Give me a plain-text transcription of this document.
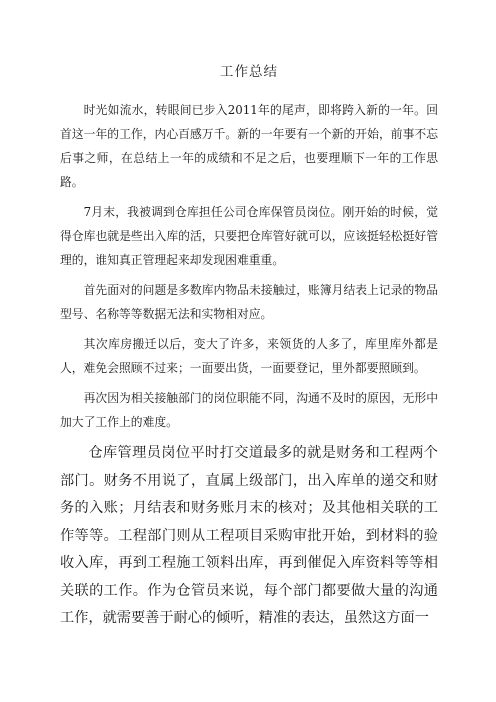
工作总结

时光如流水，转眼间已步入2011年的尾声，即将跨入新的一年。回首这一年的工作，内心百感万千。新的一年要有一个新的开始，前事不忘后事之师，在总结上一年的成绩和不足之后，也要理顺下一年的工作思路。

7月末，我被调到仓库担任公司仓库保管员岗位。刚开始的时候，觉得仓库也就是些出入库的活，只要把仓库管好就可以，应该挺轻松挺好管理的，谁知真正管理起来却发现困难重重。

首先面对的问题是多数库内物品未接触过，账簿月结表上记录的物品型号、名称等等数据无法和实物相对应。

其次库房搬迁以后，变大了许多，来领货的人多了，库里库外都是人，难免会照顾不过来；一面要出货，一面要登记，里外都要照顾到。

再次因为相关接触部门的岗位职能不同，沟通不及时的原因，无形中加大了工作上的难度。

仓库管理员岗位平时打交道最多的就是财务和工程两个部门。财务不用说了，直属上级部门，出入库单的递交和财务的入账；月结表和财务账月末的核对；及其他相关联的工作等等。工程部门则从工程项目采购审批开始，到材料的验收入库，再到工程施工领料出库，再到催促入库资料等等相关联的工作。作为仓管员来说，每个部门都要做大量的沟通工作，就需要善于耐心的倾听，精准的表达，虽然这方面一
